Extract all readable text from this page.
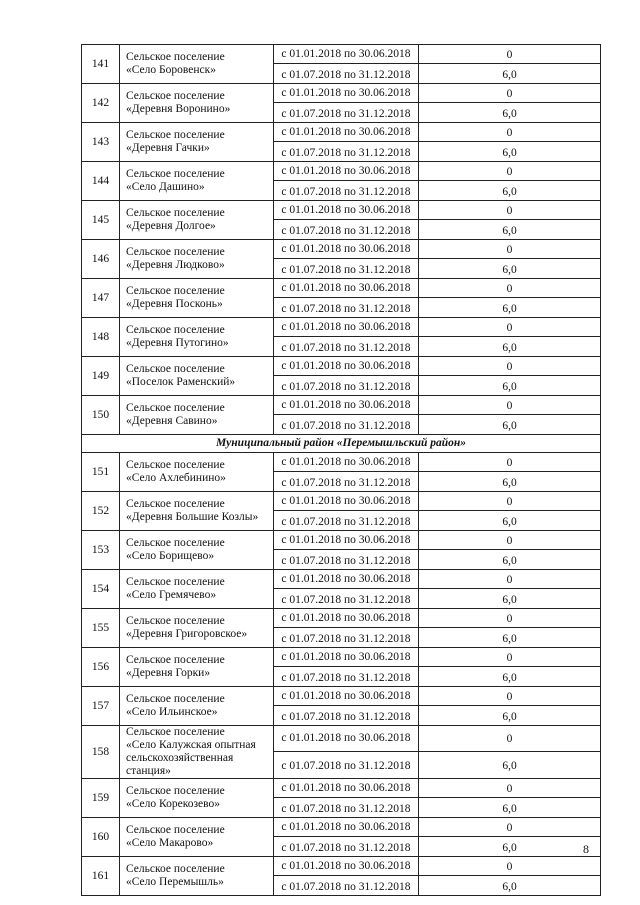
141	Сельское поселение
«Село Боровенск»	с 01.01.2018 по 30.06.2018	0
		с 01.07.2018 по 31.12.2018	6,0
142	Сельское поселение
«Деревня Воронино»	с 01.01.2018 по 30.06.2018	0
		с 01.07.2018 по 31.12.2018	6,0
143	Сельское поселение
«Деревня Гачки»	с 01.01.2018 по 30.06.2018	0
		с 01.07.2018 по 31.12.2018	6,0
144	Сельское поселение
«Село Дашино»	с 01.01.2018 по 30.06.2018	0
		с 01.07.2018 по 31.12.2018	6,0
145	Сельское поселение
«Деревня Долгое»	с 01.01.2018 по 30.06.2018	0
		с 01.07.2018 по 31.12.2018	6,0
146	Сельское поселение
«Деревня Людково»	с 01.01.2018 по 30.06.2018	0
		с 01.07.2018 по 31.12.2018	6,0
147	Сельское поселение
«Деревня Посконь»	с 01.01.2018 по 30.06.2018	0
		с 01.07.2018 по 31.12.2018	6,0
148	Сельское поселение
«Деревня Путогино»	с 01.01.2018 по 30.06.2018	0
		с 01.07.2018 по 31.12.2018	6,0
149	Сельское поселение
«Поселок Раменский»	с 01.01.2018 по 30.06.2018	0
		с 01.07.2018 по 31.12.2018	6,0
150	Сельское поселение
«Деревня Савино»	с 01.01.2018 по 30.06.2018	0
		с 01.07.2018 по 31.12.2018	6,0
Муниципальный район «Перемышльский район»			
151	Сельское поселение
«Село Ахлебинино»	с 01.01.2018 по 30.06.2018	0
		с 01.07.2018 по 31.12.2018	6,0
152	Сельское поселение
«Деревня Большие Козлы»	с 01.01.2018 по 30.06.2018	0
		с 01.07.2018 по 31.12.2018	6,0
153	Сельское поселение
«Село Борищево»	с 01.01.2018 по 30.06.2018	0
		с 01.07.2018 по 31.12.2018	6,0
154	Сельское поселение
«Село Гремячево»	с 01.01.2018 по 30.06.2018	0
		с 01.07.2018 по 31.12.2018	6,0
155	Сельское поселение
«Деревня Григоровское»	с 01.01.2018 по 30.06.2018	0
		с 01.07.2018 по 31.12.2018	6,0
156	Сельское поселение
«Деревня Горки»	с 01.01.2018 по 30.06.2018	0
		с 01.07.2018 по 31.12.2018	6,0
157	Сельское поселение
«Село Ильинское»	с 01.01.2018 по 30.06.2018	0
		с 01.07.2018 по 31.12.2018	6,0
158	Сельское поселение
«Село Калужская опытная
сельскохозяйственная
станция»	с 01.01.2018 по 30.06.2018	0
		с 01.07.2018 по 31.12.2018	6,0
159	Сельское поселение
«Село Корекозево»	с 01.01.2018 по 30.06.2018	0
		с 01.07.2018 по 31.12.2018	6,0
160	Сельское поселение
«Село Макарово»	с 01.01.2018 по 30.06.2018	0
		с 01.07.2018 по 31.12.2018	6,0
161	Сельское поселение
«Село Перемышль»	с 01.01.2018 по 30.06.2018	0
		с 01.07.2018 по 31.12.2018	6,0
8
